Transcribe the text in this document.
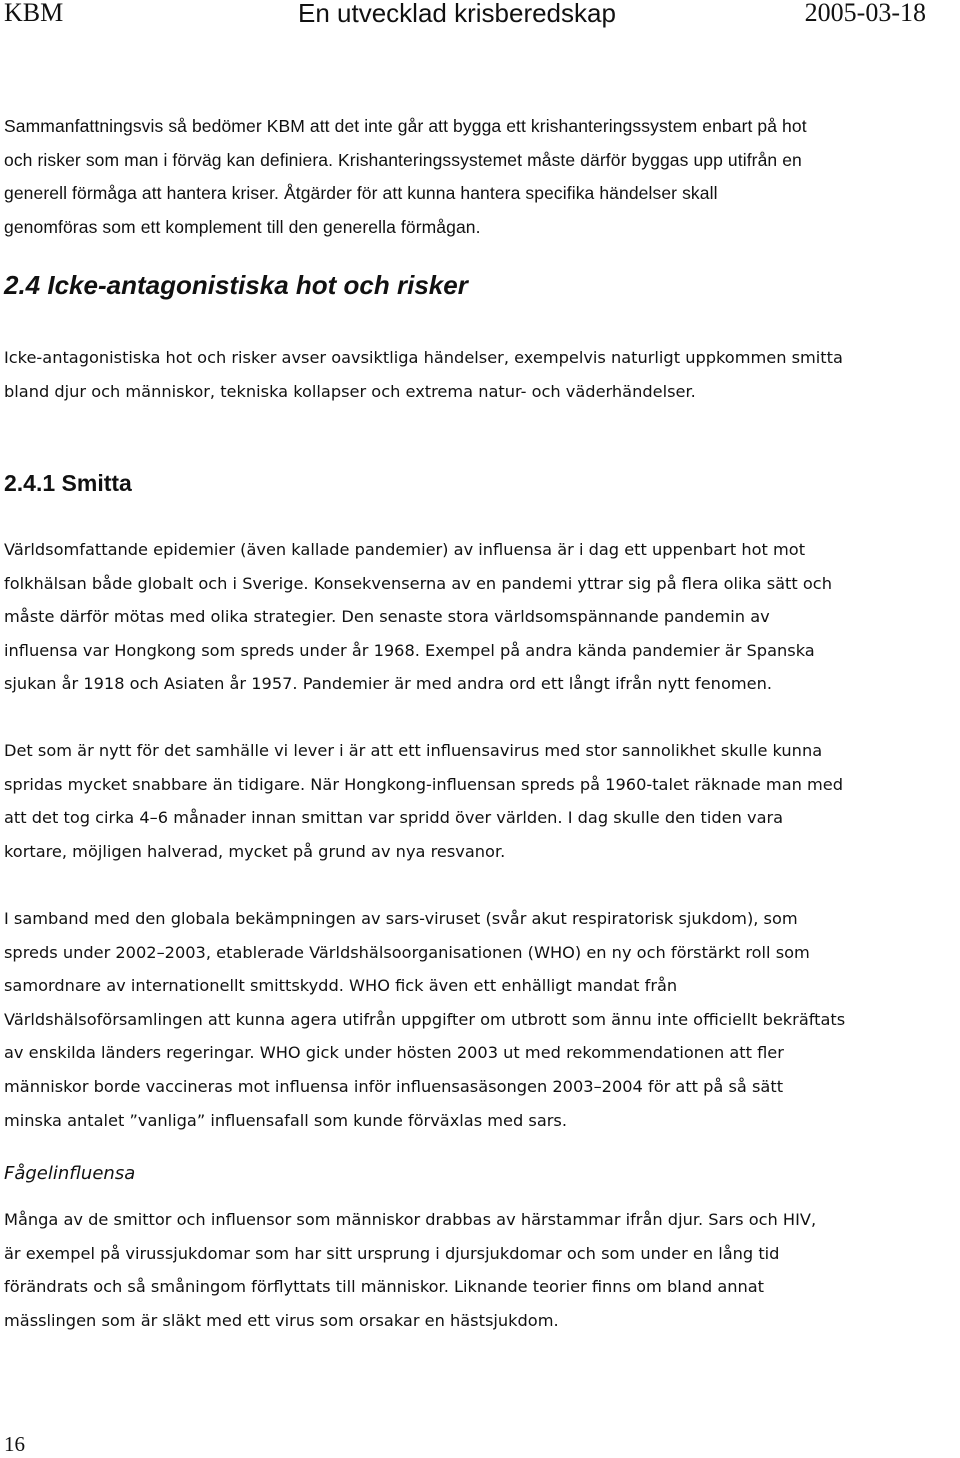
KBM	En utvecklad krisberedskap	2005-03-18

Sammanfattningsvis så bedömer KBM att det inte går att bygga ett krishanteringssystem enbart på hot
och risker som man i förväg kan definiera. Krishanteringssystemet måste därför byggas upp utifrån en
generell förmåga att hantera kriser. Åtgärder för att kunna hantera specifika händelser skall
genomföras som ett komplement till den generella förmågan.

2.4 Icke-antagonistiska hot och risker

Icke-antagonistiska hot och risker avser oavsiktliga händelser, exempelvis naturligt uppkommen smitta
bland djur och människor, tekniska kollapser och extrema natur- och väderhändelser.

2.4.1 Smitta

Världsomfattande epidemier (även kallade pandemier) av influensa är i dag ett uppenbart hot mot
folkhälsan både globalt och i Sverige. Konsekvenserna av en pandemi yttrar sig på flera olika sätt och
måste därför mötas med olika strategier. Den senaste stora världsomspännande pandemin av
influensa var Hongkong som spreds under år 1968. Exempel på andra kända pandemier är Spanska
sjukan år 1918 och Asiaten år 1957. Pandemier är med andra ord ett långt ifrån nytt fenomen.

Det som är nytt för det samhälle vi lever i är att ett influensavirus med stor sannolikhet skulle kunna
spridas mycket snabbare än tidigare. När Hongkong-influensan spreds på 1960-talet räknade man med
att det tog cirka 4–6 månader innan smittan var spridd över världen. I dag skulle den tiden vara
kortare, möjligen halverad, mycket på grund av nya resvanor.

I samband med den globala bekämpningen av sars-viruset (svår akut respiratorisk sjukdom), som
spreds under 2002–2003, etablerade Världshälsoorganisationen (WHO) en ny och förstärkt roll som
samordnare av internationellt smittskydd. WHO fick även ett enhälligt mandat från
Världshälsoförsamlingen att kunna agera utifrån uppgifter om utbrott som ännu inte officiellt bekräftats
av enskilda länders regeringar. WHO gick under hösten 2003 ut med rekommendationen att fler
människor borde vaccineras mot influensa inför influensasäsongen 2003–2004 för att på så sätt
minska antalet ”vanliga” influensafall som kunde förväxlas med sars.

Fågelinfluensa

Många av de smittor och influensor som människor drabbas av härstammar ifrån djur. Sars och HIV,
är exempel på virussjukdomar som har sitt ursprung i djursjukdomar och som under en lång tid
förändrats och så småningom förflyttats till människor. Liknande teorier finns om bland annat
mässlingen som är släkt med ett virus som orsakar en hästsjukdom.

16
